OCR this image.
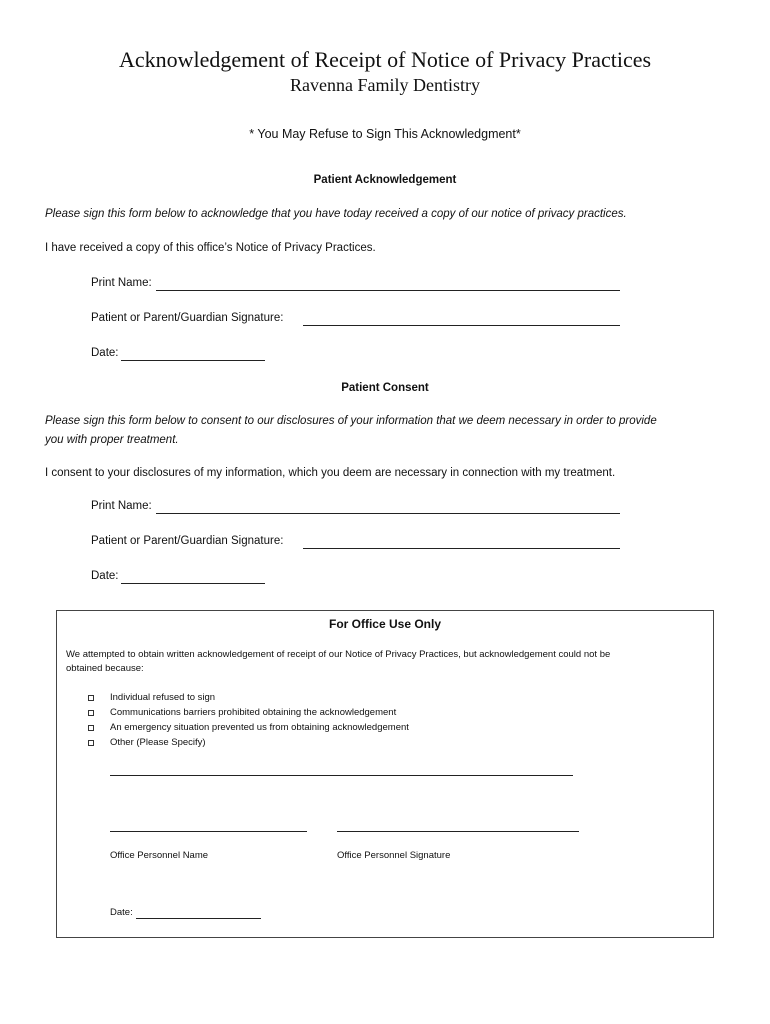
Acknowledgement of Receipt of Notice of Privacy Practices
Ravenna Family Dentistry
* You May Refuse to Sign This Acknowledgment*
Patient Acknowledgement
Please sign this form below to acknowledge that you have today received a copy of our notice of privacy practices.
I have received a copy of this office’s Notice of Privacy Practices.
Print Name:
Patient or Parent/Guardian Signature:
Date:
Patient Consent
Please sign this form below to consent to our disclosures of your information that we deem necessary in order to provide
you with proper treatment.
I consent to your disclosures of my information, which you deem are necessary in connection with my treatment.
Print Name:
Patient or Parent/Guardian Signature:
Date:
For Office Use Only
We attempted to obtain written acknowledgement of receipt of our Notice of Privacy Practices, but acknowledgement could not be
obtained because:
Individual refused to sign
Communications barriers prohibited obtaining the acknowledgement
An emergency situation prevented us from obtaining acknowledgement
Other (Please Specify)
Office Personnel Name	Office Personnel Signature
Date:
